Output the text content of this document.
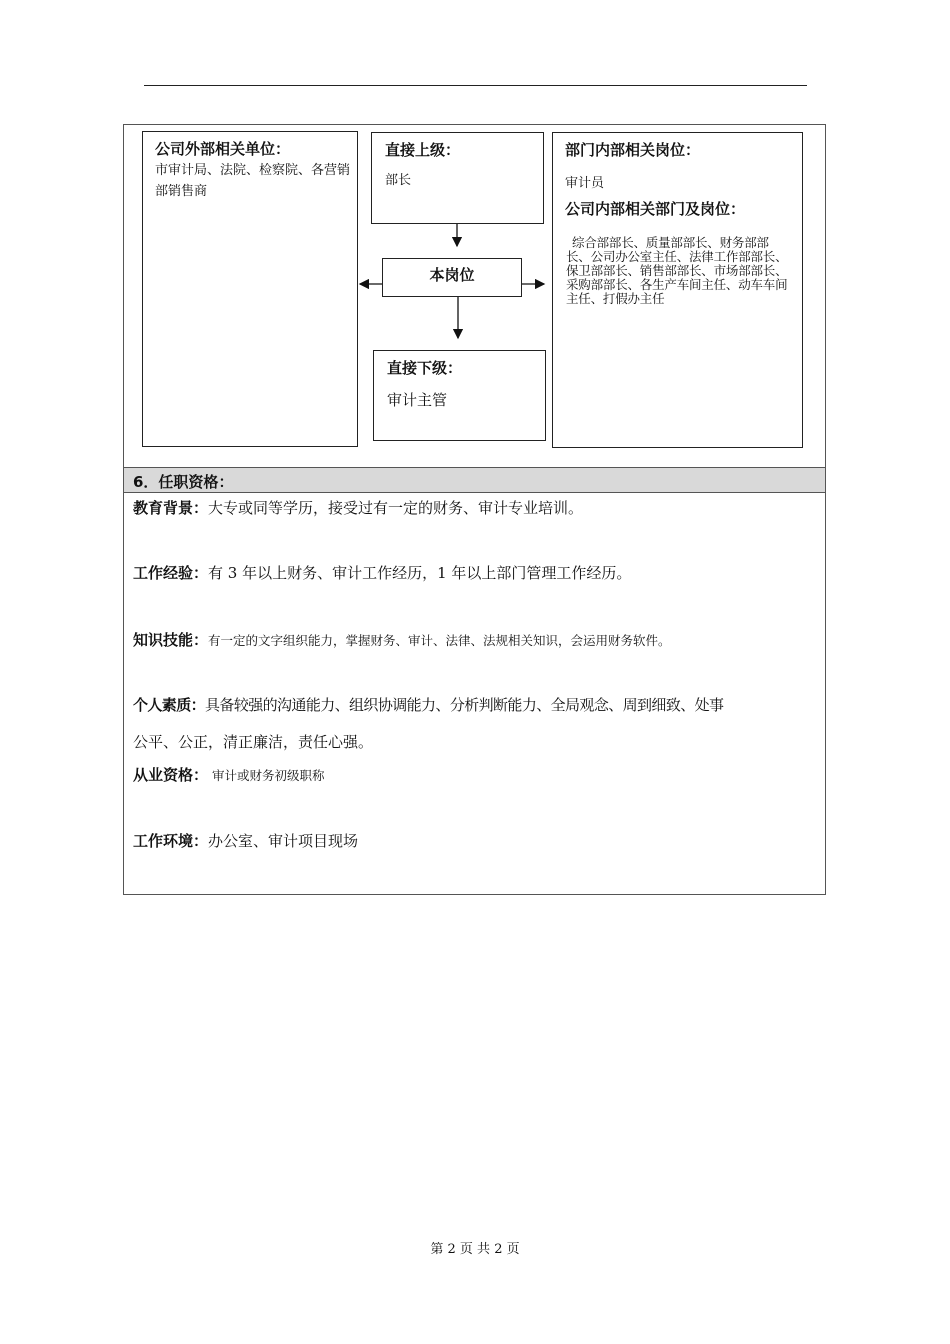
公司外部相关单位：
市审计局、法院、检察院、各营销部销售商
直接上级：
部长
本岗位
直接下级：
审计主管
部门内部相关岗位：
审计员
公司内部相关部门及岗位：
综合部部长、质量部部长、财务部部长、公司办公室主任、法律工作部部长、保卫部部长、销售部部长、市场部部长、采购部部长、各生产车间主任、动车车间主任、打假办主任
6．任职资格：
教育背景：大专或同等学历，接受过有一定的财务、审计专业培训。
工作经验：有 3 年以上财务、审计工作经历，1 年以上部门管理工作经历。
知识技能：有一定的文字组织能力，掌握财务、审计、法律、法规相关知识，会运用财务软件。
个人素质：具备较强的沟通能力、组织协调能力、分析判断能力、全局观念、周到细致、处事
公平、公正，清正廉洁，责任心强。
从业资格： 审计或财务初级职称
工作环境：办公室、审计项目现场
第 2 页 共 2 页
